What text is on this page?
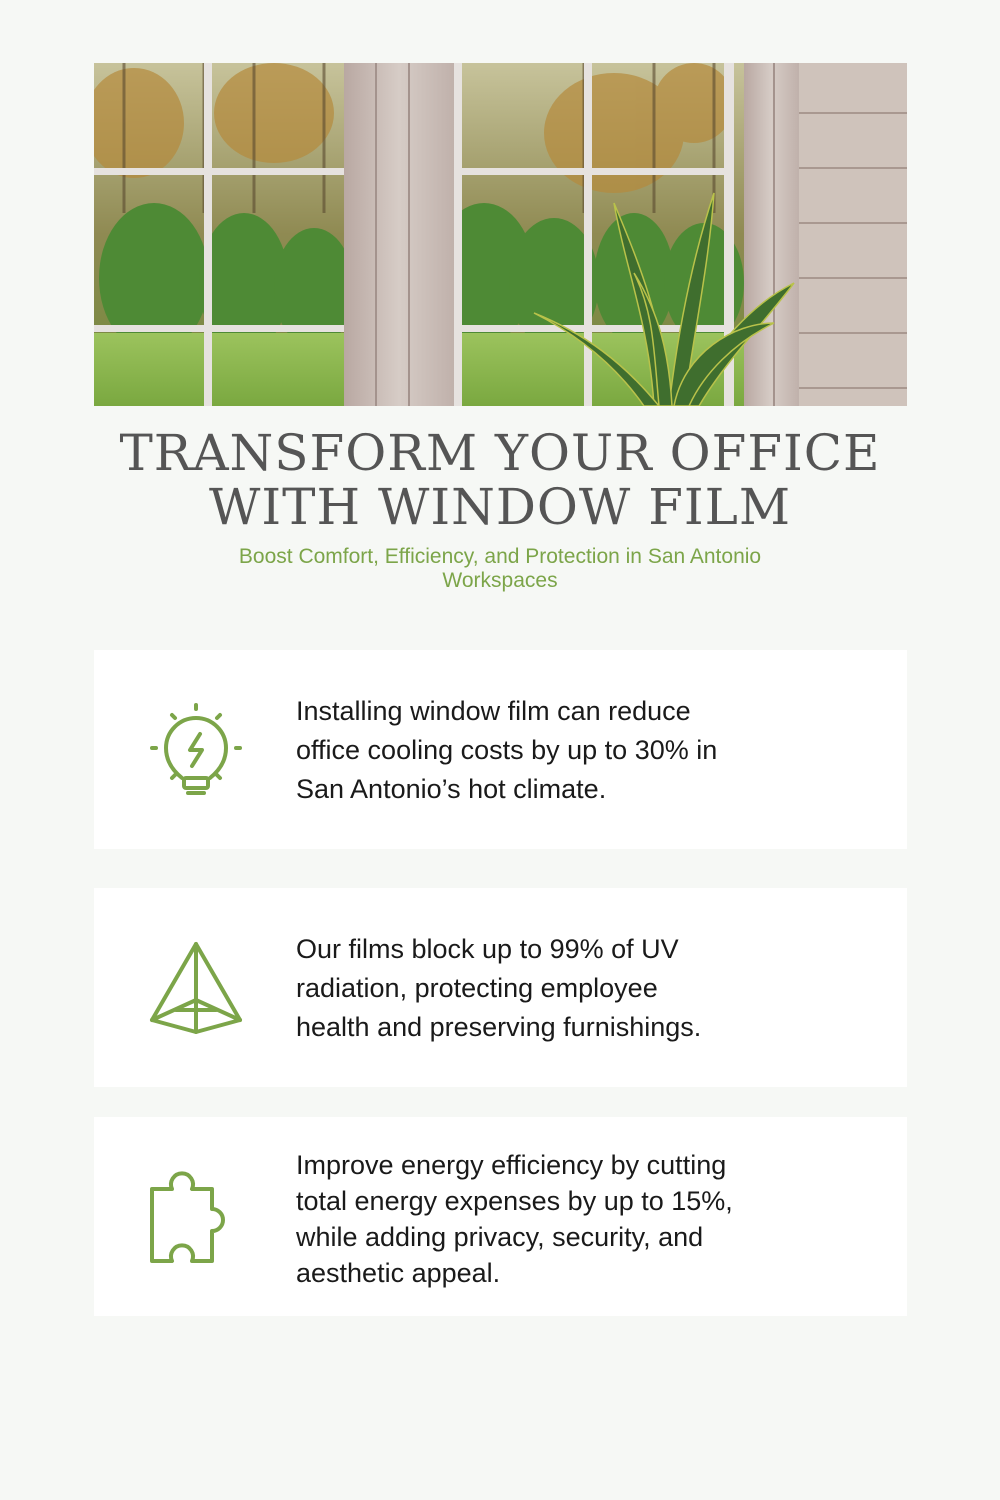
TRANSFORM YOUR OFFICE
WITH WINDOW FILM

Boost Comfort, Efficiency, and Protection in San Antonio
Workspaces

Installing window film can reduce
office cooling costs by up to 30% in
San Antonio’s hot climate.

Our films block up to 99% of UV
radiation, protecting employee
health and preserving furnishings.

Improve energy efficiency by cutting
total energy expenses by up to 15%,
while adding privacy, security, and
aesthetic appeal.
